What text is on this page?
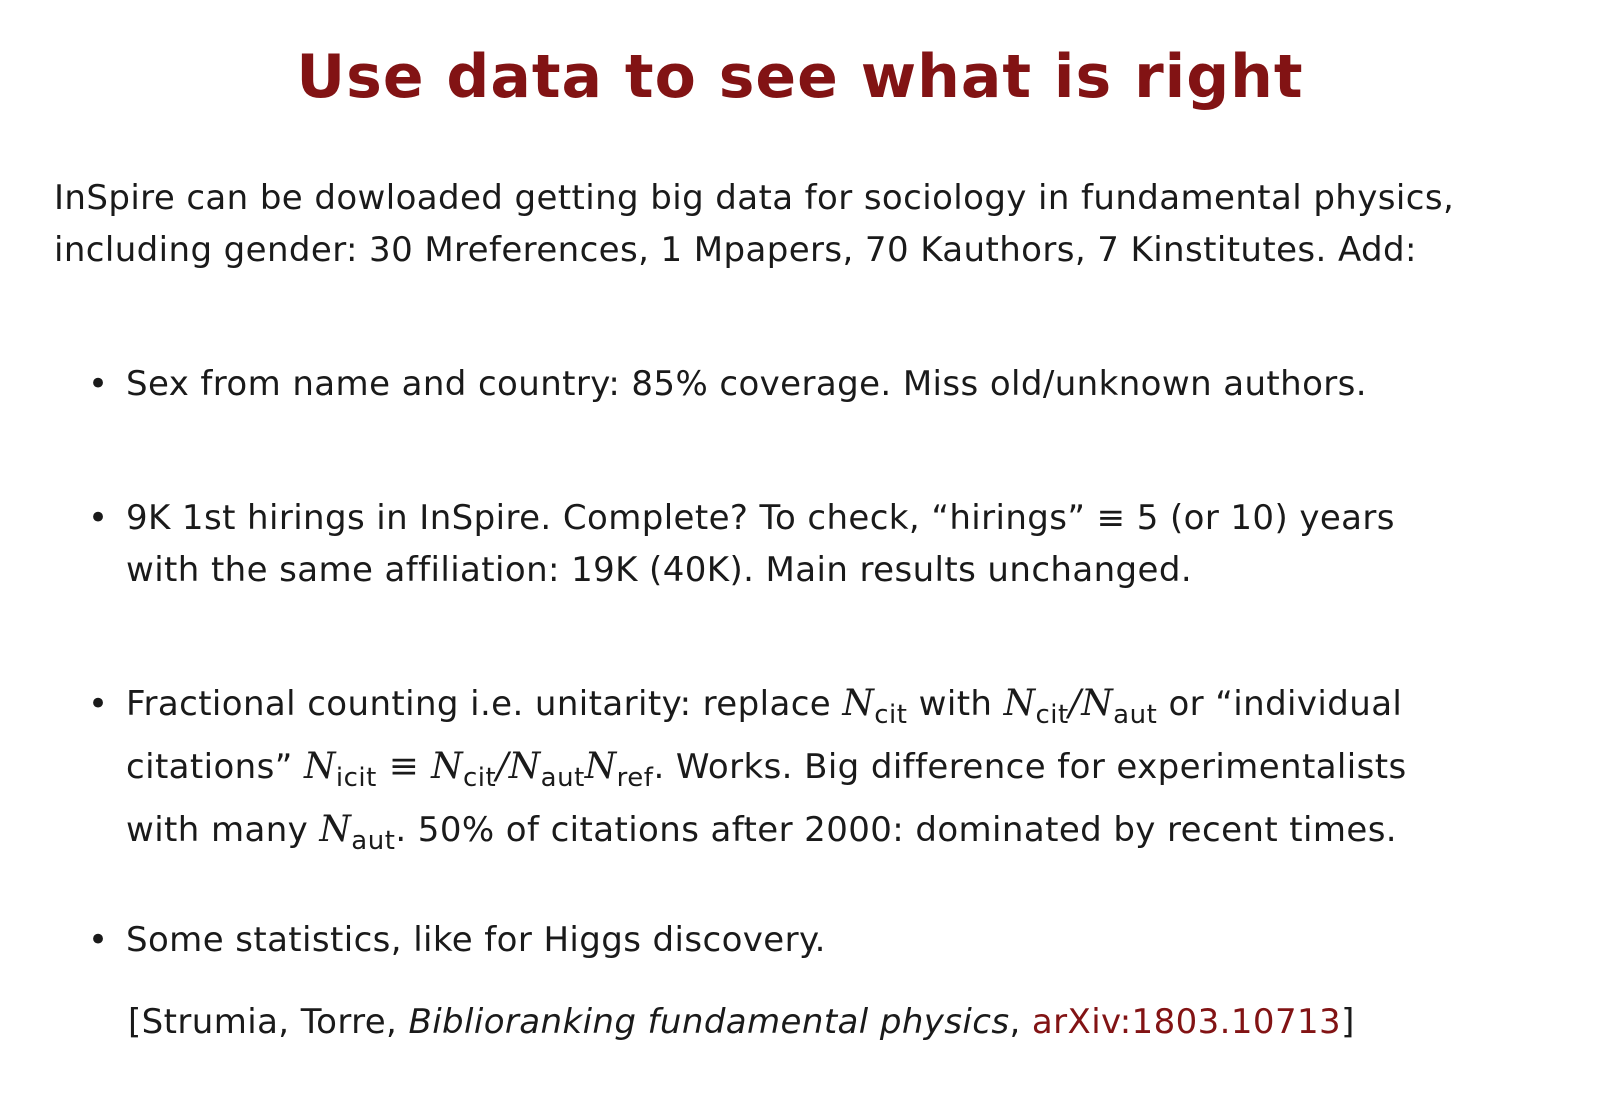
Use data to see what is right
InSpire can be dowloaded getting big data for sociology in fundamental physics,
including gender: 30 Mreferences, 1 Mpapers, 70 Kauthors, 7 Kinstitutes. Add:
• Sex from name and country: 85% coverage. Miss old/unknown authors.
• 9K 1st hirings in InSpire. Complete? To check, “hirings” ≡ 5 (or 10) years
with the same affiliation: 19K (40K). Main results unchanged.
• Fractional counting i.e. unitarity: replace $N_{cit}$ with $N_{cit}/N_{aut}$ or “individual
citations” $N_{icit} \equiv N_{cit}/N_{aut}N_{ref}$. Works. Big difference for experimentalists
with many $N_{aut}$. 50% of citations after 2000: dominated by recent times.
• Some statistics, like for Higgs discovery.
[Strumia, Torre, Biblioranking fundamental physics, arXiv:1803.10713]
